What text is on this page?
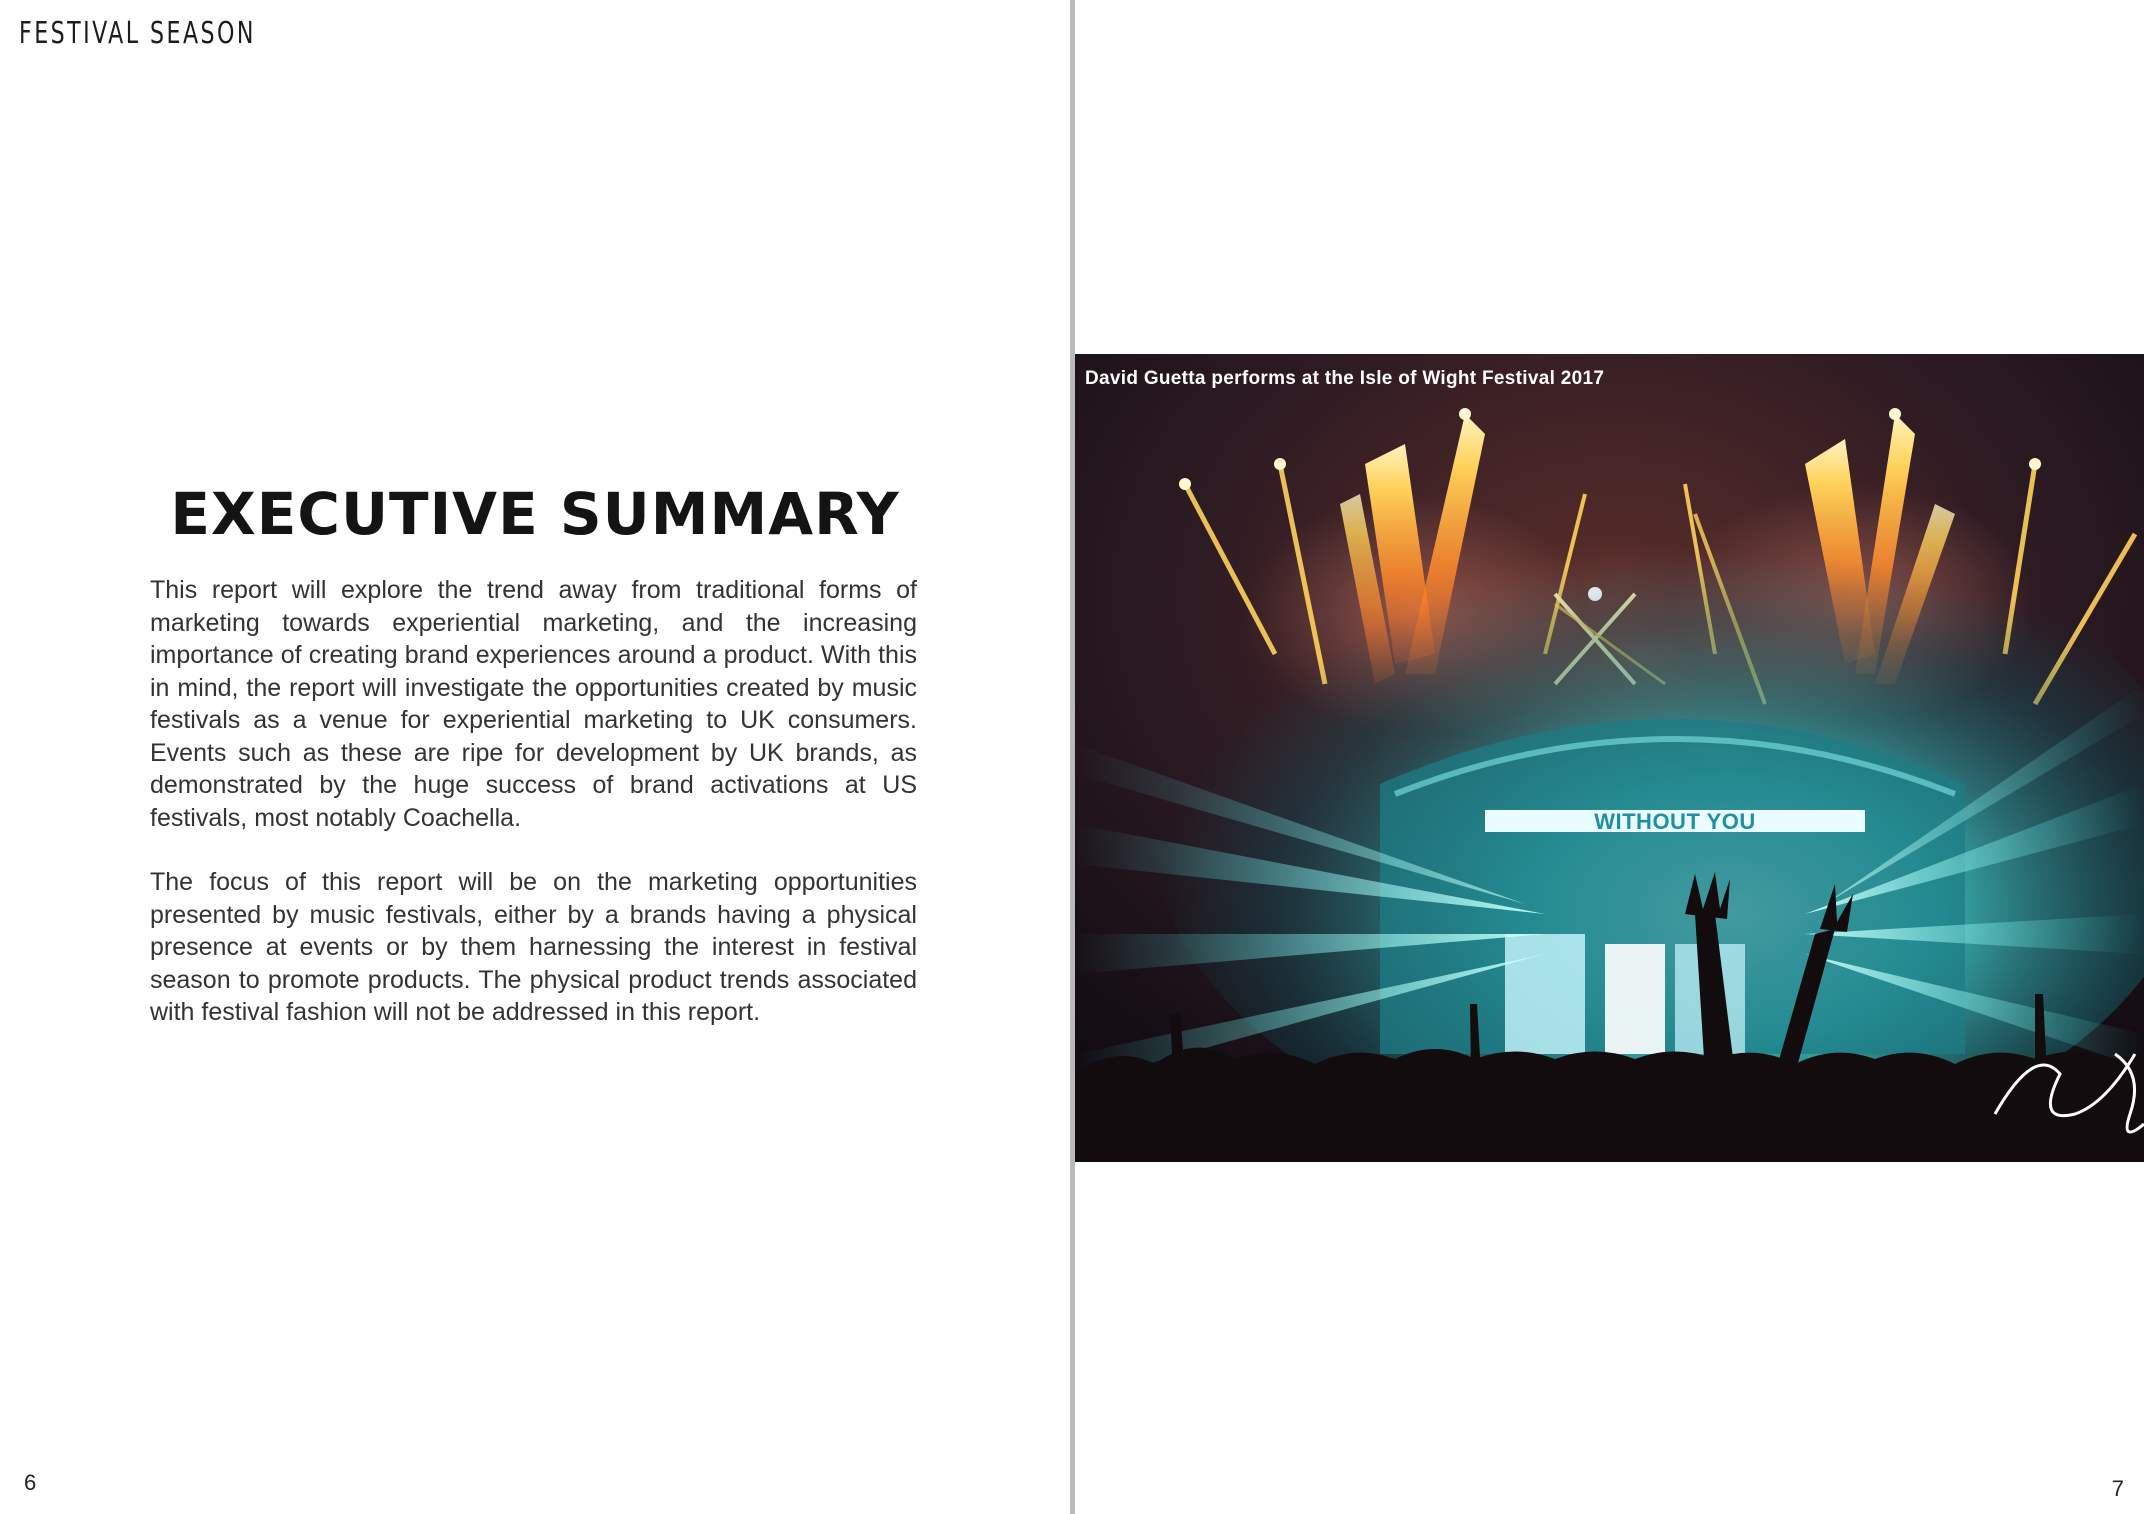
FESTIVAL SEASON
EXECUTIVE SUMMARY

This report will explore the trend away from traditional forms of marketing towards experiential marketing, and the increasing importance of creating brand experiences around a product. With this in mind, the report will investigate the opportunities created by music festivals as a venue for experiential marketing to UK consumers. Events such as these are ripe for development by UK brands, as demonstrated by the huge success of brand activations at US festivals, most notably Coachella.

The focus of this report will be on the marketing opportunities presented by music festivals, either by a brands having a physical presence at events or by them harnessing the interest in festival season to promote products. The physical product trends associated with festival fashion will not be addressed in this report.

6
David Guetta performs at the Isle of Wight Festival 2017
WITHOUT YOU
7
